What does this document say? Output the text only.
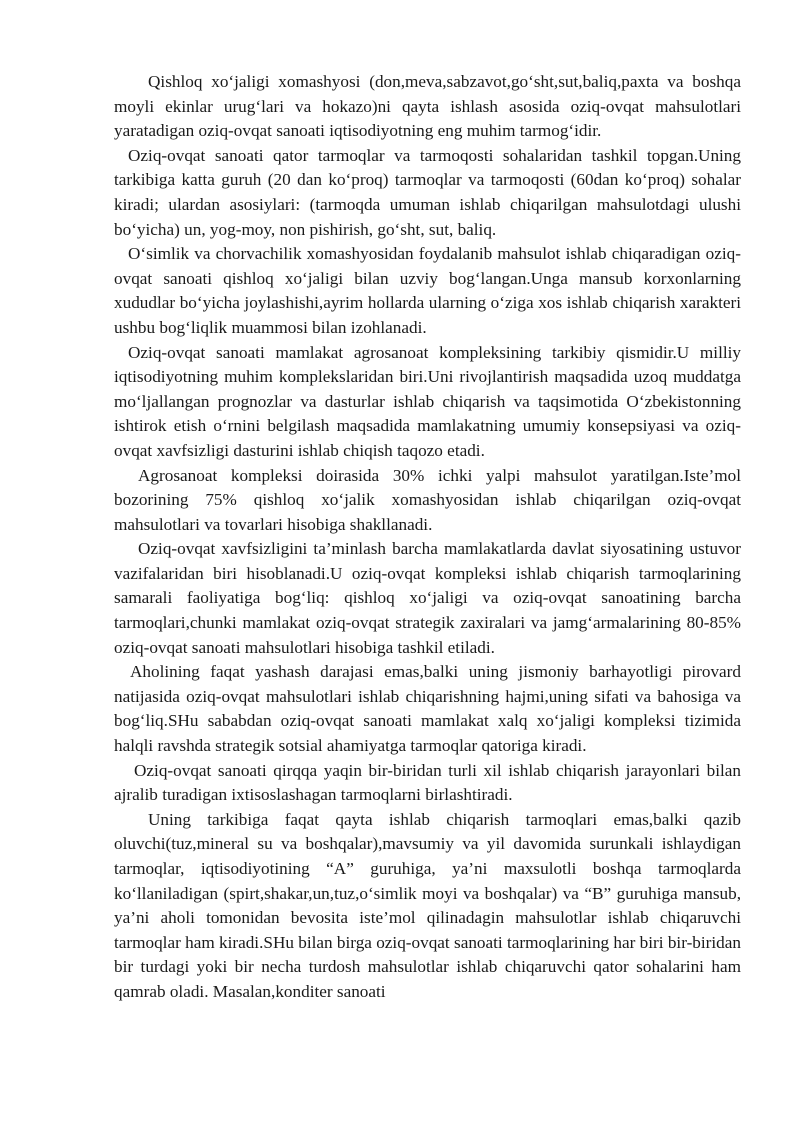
Qishloq xo‘jaligi xomashyosi (don,meva,sabzavot,go‘sht,sut,baliq,paxta va boshqa moyli ekinlar urug‘lari va hokazo)ni qayta ishlash asosida oziq-ovqat mahsulotlari yaratadigan oziq-ovqat sanoati iqtisodiyotning eng muhim tarmog‘idir.

Oziq-ovqat sanoati qator tarmoqlar va tarmoqosti sohalaridan tashkil topgan.Uning tarkibiga katta guruh (20 dan ko‘proq) tarmoqlar va tarmoqosti (60dan ko‘proq) sohalar kiradi; ulardan asosiylari: (tarmoqda umuman ishlab chiqarilgan mahsulotdagi ulushi bo‘yicha) un, yog-moy, non pishirish, go‘sht, sut, baliq.

O‘simlik va chorvachilik xomashyosidan foydalanib mahsulot ishlab chiqaradigan oziq-ovqat sanoati qishloq xo‘jaligi bilan uzviy bog‘langan.Unga mansub korxonlarning xududlar bo‘yicha joylashishi,ayrim hollarda ularning o‘ziga xos ishlab chiqarish xarakteri ushbu bog‘liqlik muammosi bilan izohlanadi.

Oziq-ovqat sanoati mamlakat agrosanoat kompleksining tarkibiy qismidir.U milliy iqtisodiyotning muhim komplekslaridan biri.Uni rivojlantirish maqsadida uzoq muddatga mo‘ljallangan prognozlar va dasturlar ishlab chiqarish va taqsimotida O‘zbekistonning ishtirok etish o‘rnini belgilash maqsadida mamlakatning umumiy konsepsiyasi va oziq-ovqat xavfsizligi dasturini ishlab chiqish taqozo etadi.

Agrosanoat kompleksi doirasida 30% ichki yalpi mahsulot yaratilgan.Iste’mol bozorining 75% qishloq xo‘jalik xomashyosidan ishlab chiqarilgan oziq-ovqat mahsulotlari va tovarlari hisobiga shakllanadi.

Oziq-ovqat xavfsizligini ta’minlash barcha mamlakatlarda davlat siyosatining ustuvor vazifalaridan biri hisoblanadi.U oziq-ovqat kompleksi ishlab chiqarish tarmoqlarining samarali faoliyatiga bog‘liq: qishloq xo‘jaligi va oziq-ovqat sanoatining barcha tarmoqlari,chunki mamlakat oziq-ovqat strategik zaxiralari va jamg‘armalarining 80-85% oziq-ovqat sanoati mahsulotlari hisobiga tashkil etiladi.

Aholining faqat yashash darajasi emas,balki uning jismoniy barhayotligi pirovard natijasida oziq-ovqat mahsulotlari ishlab chiqarishning hajmi,uning sifati va bahosiga va bog‘liq.SHu sababdan oziq-ovqat sanoati mamlakat xalq xo‘jaligi kompleksi tizimida halqli ravshda strategik sotsial ahamiyatga tarmoqlar qatoriga kiradi.

Oziq-ovqat sanoati qirqqa yaqin bir-biridan turli xil ishlab chiqarish jarayonlari bilan ajralib turadigan ixtisoslashagan tarmoqlarni birlashtiradi.

Uning tarkibiga faqat qayta ishlab chiqarish tarmoqlari emas,balki qazib oluvchi(tuz,mineral su va boshqalar),mavsumiy va yil davomida surunkali ishlaydigan tarmoqlar, iqtisodiyotining “A” guruhiga, ya’ni maxsulotli boshqa tarmoqlarda ko‘llaniladigan (spirt,shakar,un,tuz,o‘simlik moyi va boshqalar) va “B” guruhiga mansub, ya’ni aholi tomonidan bevosita iste’mol qilinadagin mahsulotlar ishlab chiqaruvchi tarmoqlar ham kiradi.SHu bilan birga oziq-ovqat sanoati tarmoqlarining har biri bir-biridan bir turdagi yoki bir necha turdosh mahsulotlar ishlab chiqaruvchi qator sohalarini ham qamrab oladi. Masalan,konditer sanoati
